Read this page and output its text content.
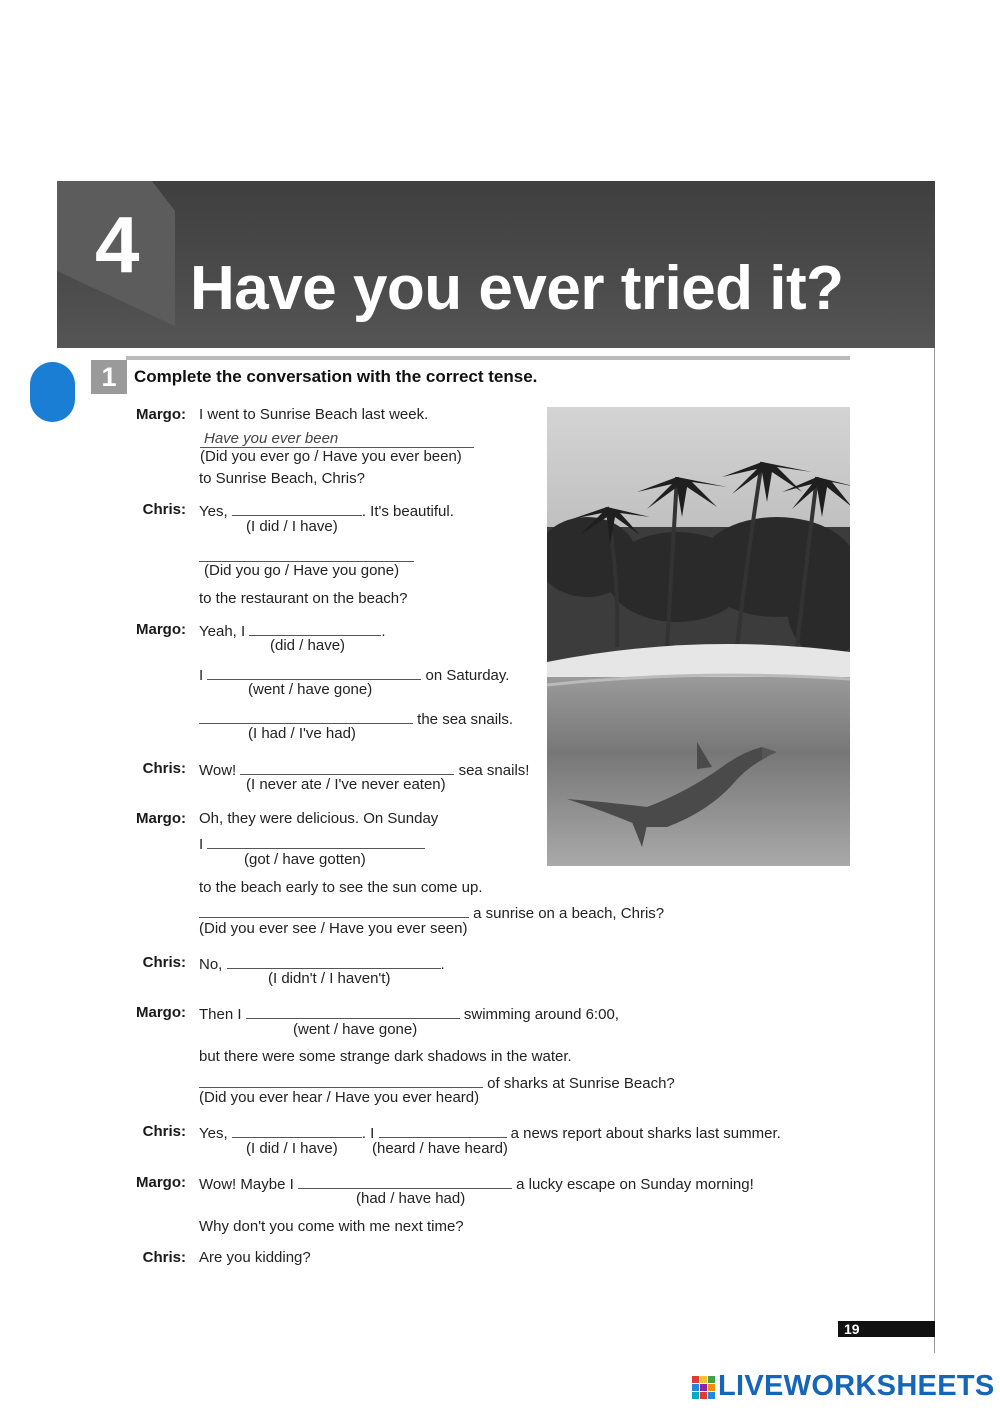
4 Have you ever tried it?
1	Complete the conversation with the correct tense.
Margo: I went to Sunrise Beach last week.
Have you ever been
(Did you ever go / Have you ever been)
to Sunrise Beach, Chris?
Chris: Yes,	. It's beautiful.
(I did / I have)
(Did you go / Have you gone)
to the restaurant on the beach?
Margo: Yeah, I	.
(did / have)
I	on Saturday.
(went / have gone)
the sea snails.
(I had / I've had)
Chris: Wow!	sea snails!
(I never ate / I've never eaten)
Margo: Oh, they were delicious. On Sunday
I
(got / have gotten)
to the beach early to see the sun come up.
a sunrise on a beach, Chris?
(Did you ever see / Have you ever seen)
Chris: No,	.
(I didn't / I haven't)
Margo: Then I	swimming around 6:00,
(went / have gone)
but there were some strange dark shadows in the water.
of sharks at Sunrise Beach?
(Did you ever hear / Have you ever heard)
Chris: Yes,	. I	a news report about sharks last summer.
(I did / I have) (heard / have heard)
Margo: Wow! Maybe I	a lucky escape on Sunday morning!
(had / have had)
Why don't you come with me next time?
Chris: Are you kidding?
19
LIVEWORKSHEETS
